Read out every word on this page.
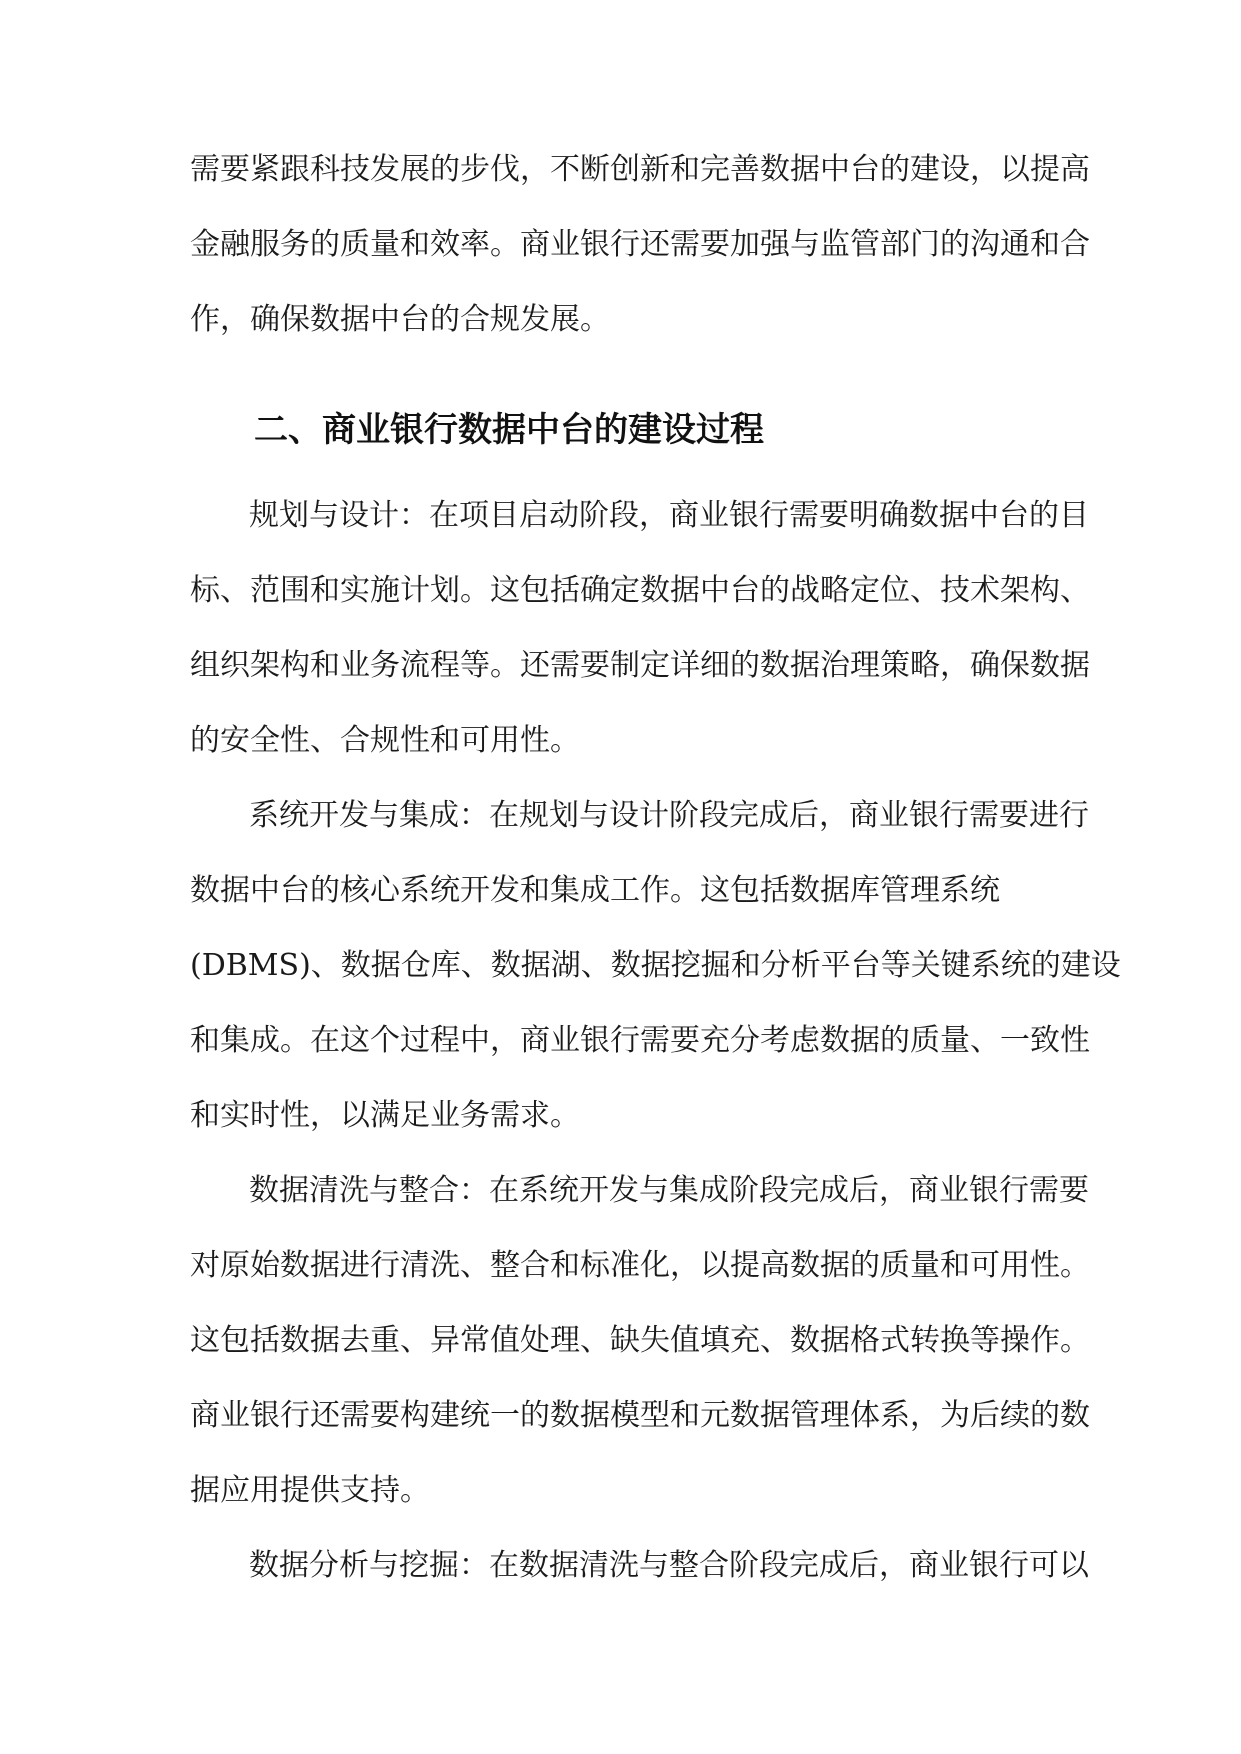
需要紧跟科技发展的步伐，不断创新和完善数据中台的建设，以提高
金融服务的质量和效率。商业银行还需要加强与监管部门的沟通和合
作，确保数据中台的合规发展。
二、商业银行数据中台的建设过程
规划与设计：在项目启动阶段，商业银行需要明确数据中台的目
标、范围和实施计划。这包括确定数据中台的战略定位、技术架构、
组织架构和业务流程等。还需要制定详细的数据治理策略，确保数据
的安全性、合规性和可用性。
系统开发与集成：在规划与设计阶段完成后，商业银行需要进行
数据中台的核心系统开发和集成工作。这包括数据库管理系统
(DBMS)、数据仓库、数据湖、数据挖掘和分析平台等关键系统的建设
和集成。在这个过程中，商业银行需要充分考虑数据的质量、一致性
和实时性，以满足业务需求。
数据清洗与整合：在系统开发与集成阶段完成后，商业银行需要
对原始数据进行清洗、整合和标准化，以提高数据的质量和可用性。
这包括数据去重、异常值处理、缺失值填充、数据格式转换等操作。
商业银行还需要构建统一的数据模型和元数据管理体系，为后续的数
据应用提供支持。
数据分析与挖掘：在数据清洗与整合阶段完成后，商业银行可以
